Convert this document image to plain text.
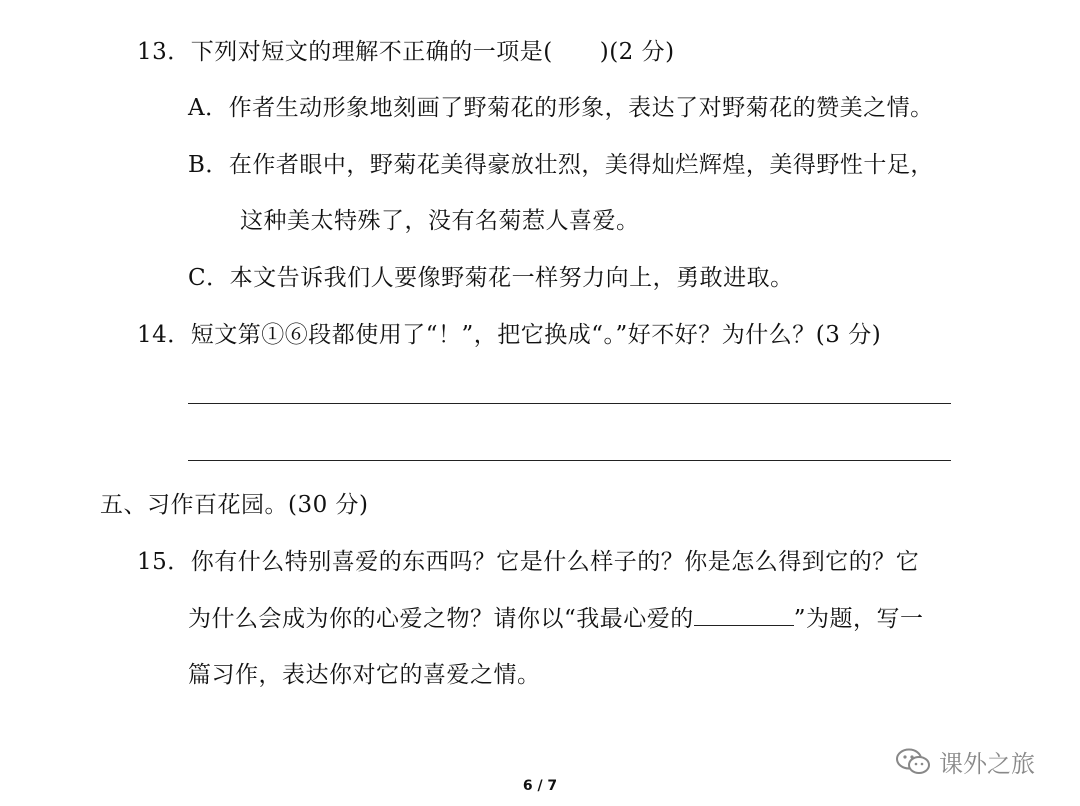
13．下列对短文的理解不正确的一项是(　　)(2 分)
A．作者生动形象地刻画了野菊花的形象，表达了对野菊花的赞美之情。
B．在作者眼中，野菊花美得豪放壮烈，美得灿烂辉煌，美得野性十足，
这种美太特殊了，没有名菊惹人喜爱。
C．本文告诉我们人要像野菊花一样努力向上，勇敢进取。
14．短文第①⑥段都使用了“！”，把它换成“。”好不好？为什么？(3 分)
五、习作百花园。(30 分)
15．你有什么特别喜爱的东西吗？它是什么样子的？你是怎么得到它的？它
为什么会成为你的心爱之物？请你以“我最心爱的	”为题，写一
篇习作，表达你对它的喜爱之情。
课外之旅
6 / 7
